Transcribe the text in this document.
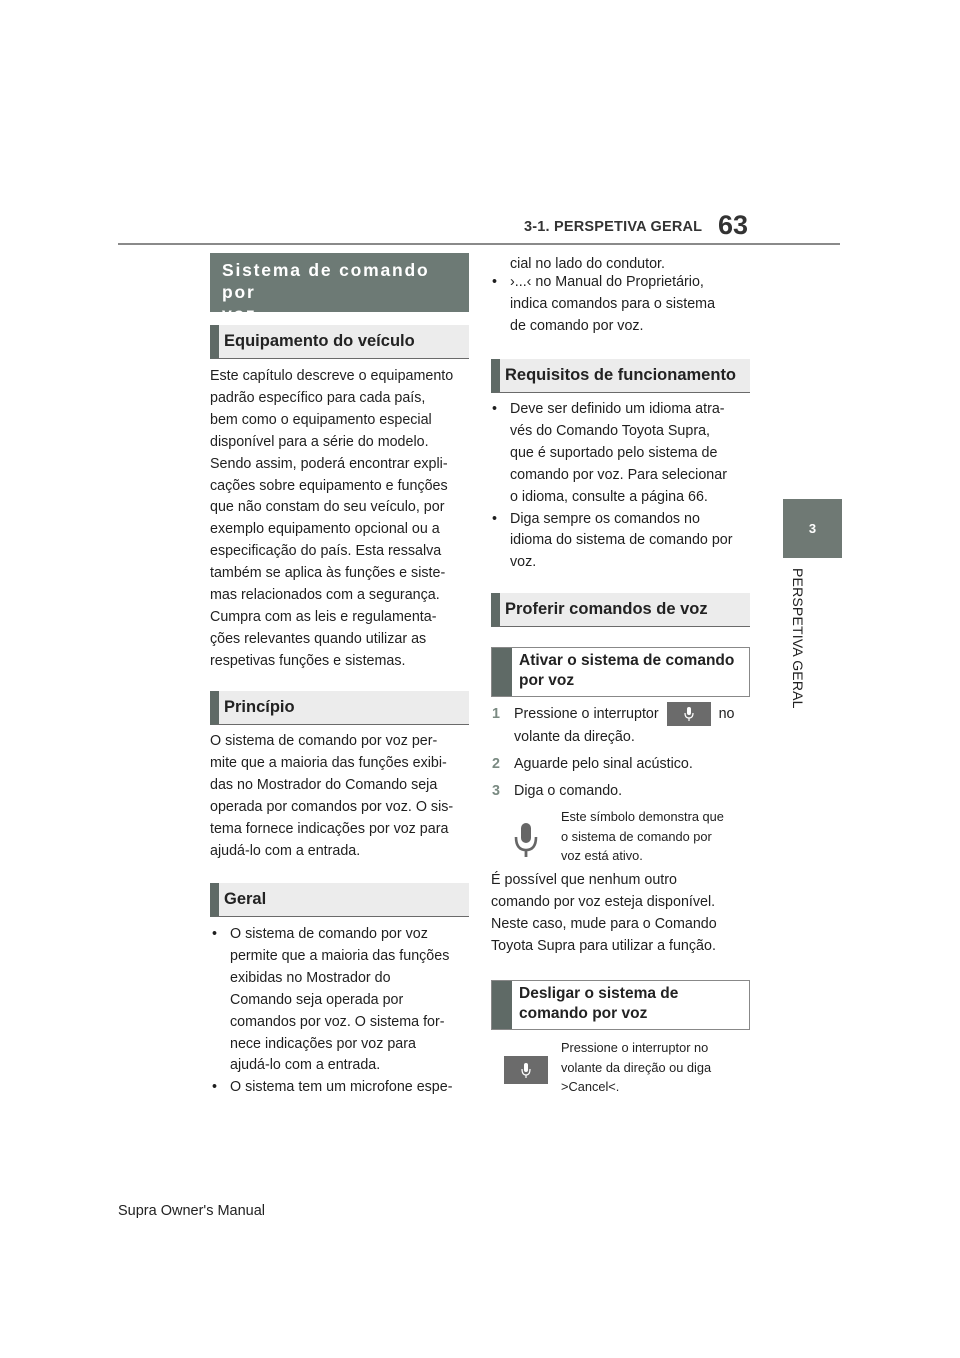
3-1. PERSPETIVA GERAL 63
3
PERSPETIVA GERAL
Sistema de comando por
voz
Equipamento do veículo

Este capítulo descreve o equipamento

padrão específico para cada país,

bem como o equipamento especial

disponível para a série do modelo.

Sendo assim, poderá encontrar expli-

cações sobre equipamento e funções

que não constam do seu veículo, por

exemplo equipamento opcional ou a

especificação do país. Esta ressalva

também se aplica às funções e siste-

mas relacionados com a segurança.

Cumpra com as leis e regulamenta-

ções relevantes quando utilizar as

respetivas funções e sistemas.

Princípio

O sistema de comando por voz per-

mite que a maioria das funções exibi-

das no Mostrador do Comando seja

operada por comandos por voz. O sis-

tema fornece indicações por voz para

ajudá-lo com a entrada.

Geral
• O sistema de comando por voz
permite que a maioria das funções
exibidas no Mostrador do
Comando seja operada por
comandos por voz. O sistema for-
nece indicações por voz para
ajudá-lo com a entrada.
• O sistema tem um microfone espe-

cial no lado do condutor.

• ›...‹ no Manual do Proprietário,
indica comandos para o sistema
de comando por voz.
Requisitos de funcionamento
• Deve ser definido um idioma atra-
vés do Comando Toyota Supra,
que é suportado pelo sistema de
comando por voz. Para selecionar
o idioma, consulte a página 66.
• Diga sempre os comandos no
idioma do sistema de comando por
voz.
Proferir comandos de voz
Ativar o sistema de comando
por voz
1 Pressione o interruptor	no
volante da direção.
2 Aguarde pelo sinal acústico.
3 Diga o comando.
Este símbolo demonstra que
o sistema de comando por
voz está ativo.

É possível que nenhum outro

comando por voz esteja disponível.

Neste caso, mude para o Comando

Toyota Supra para utilizar a função.

Desligar o sistema de
comando por voz
Pressione o interruptor no
volante da direção ou diga
>Cancel<.
Supra Owner's Manual
